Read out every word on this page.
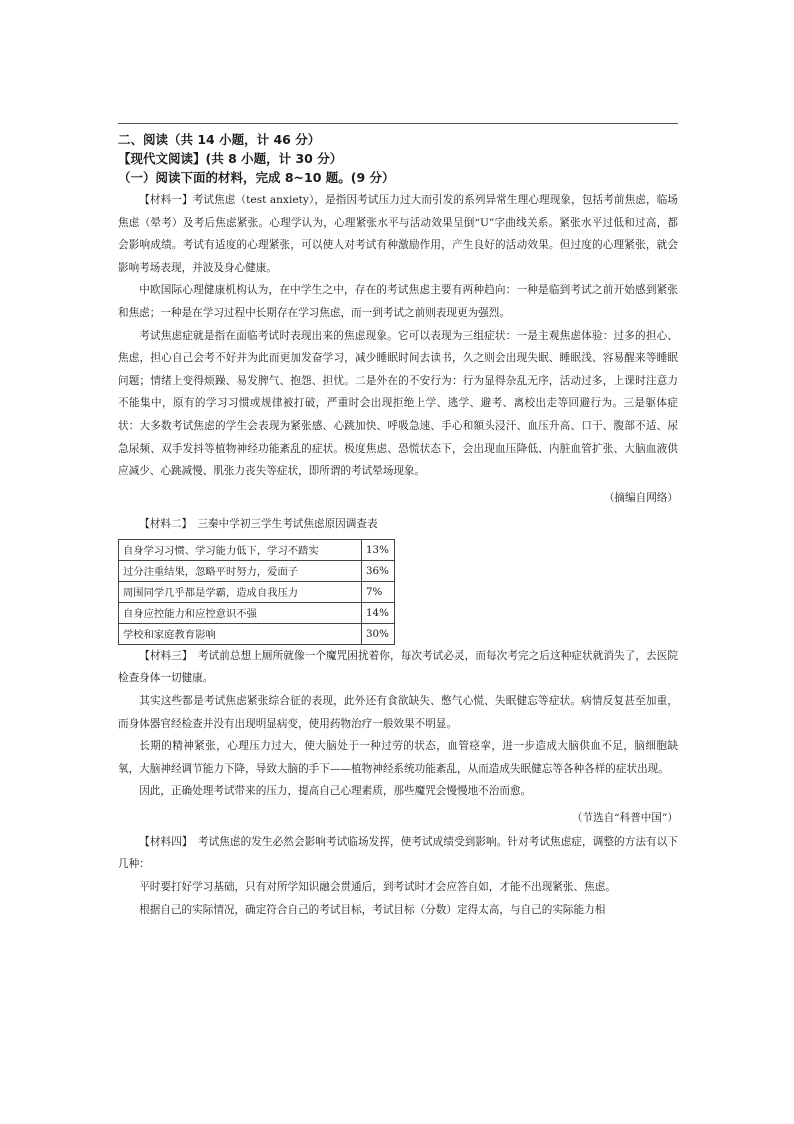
二、阅读（共 14 小题，计 46 分）

【现代文阅读】(共 8 小题，计 30 分）

（一）阅读下面的材料，完成 8~10 题。(9 分）

【材料一】考试焦虑（test anxiety），是指因考试压力过大而引发的系列异常生理心理现象，包括考前焦虑，临场焦虑（晕考）及考后焦虑紧张。心理学认为，心理紧张水平与活动效果呈倒“U”字曲线关系。紧张水平过低和过高，都会影响成绩。考试有适度的心理紧张，可以使人对考试有种激励作用，产生良好的活动效果。但过度的心理紧张，就会影响考场表现，并波及身心健康。

中欧国际心理健康机构认为，在中学生之中，存在的考试焦虑主要有两种趋向：一种是临到考试之前开始感到紧张和焦虑；一种是在学习过程中长期存在学习焦虑，而一到考试之前则表现更为强烈。

考试焦虑症就是指在面临考试时表现出来的焦虑现象。它可以表现为三组症状：一是主观焦虑体验：过多的担心、焦虑，担心自己会考不好并为此而更加发奋学习，减少睡眠时间去读书，久之则会出现失眠、睡眠浅、容易醒来等睡眠问题；情绪上变得烦躁、易发脾气、抱怨、担忧。二是外在的不安行为：行为显得杂乱无序，活动过多，上课时注意力不能集中，原有的学习习惯或规律被打破，严重时会出现拒绝上学、逃学、避考、离校出走等回避行为。三是躯体症状：大多数考试焦虑的学生会表现为紧张感、心跳加快、呼吸急速、手心和額头浸汗、血压升高、口干、腹部不适、尿急尿频、双手发抖等植物神经功能紊乱的症状。极度焦虑、恐慌状态下，会出现血压降低、内脏血管扩张、大脑血液供应减少、心跳减慢、肌张力丧失等症状，即所谓的考试晕场现象。

（摘编自网络）

【材料二】　三秦中学初三学生考试焦虑原因调查表

自身学习习惯、学习能力低下，学习不踏实	13%
过分注重结果，忽略平时努力，爱面子	36%
周围同学几乎都是学霸，造成自我压力	7%
自身应控能力和应控意识不强	14%
学校和家庭教育影响	30%

【材料三】　考试前总想上厕所就像一个魔咒困扰着你，每次考试必灵，而每次考完之后这种症状就消失了，去医院检查身体一切健康。

其实这些都是考试焦虑紧张综合征的表现，此外还有食欲缺失、憋气心慌、失眠健忘等症状。病情反复甚至加重，而身体器官经检查并没有出现明显病变，使用药物治疗一般效果不明显。

长期的精神紧张，心理压力过大，使大脑处于一种过劳的状态，血管痉挛，进一步造成大脑供血不足，脑细胞缺氧，大脑神经调节能力下降，导致大脑的手下——植物神经系统功能紊乱，从而造成失眠健忘等各种各样的症状出现。

因此，正确处理考试带来的压力，提高自己心理素质，那些魔咒会慢慢地不治而愈。

（节选自“科普中国”）

【材料四】　考试焦虑的发生必然会影响考试临场发挥，使考试成绩受到影响。针对考试焦虑症，调整的方法有以下几种：

平时要打好学习基础，只有对所学知识融会贯通后，到考试时才会应答自如，才能不出现紧张、焦虑。

根据自己的实际情况，确定符合自己的考试目标，考试目标（分数）定得太高，与自己的实际能力相
